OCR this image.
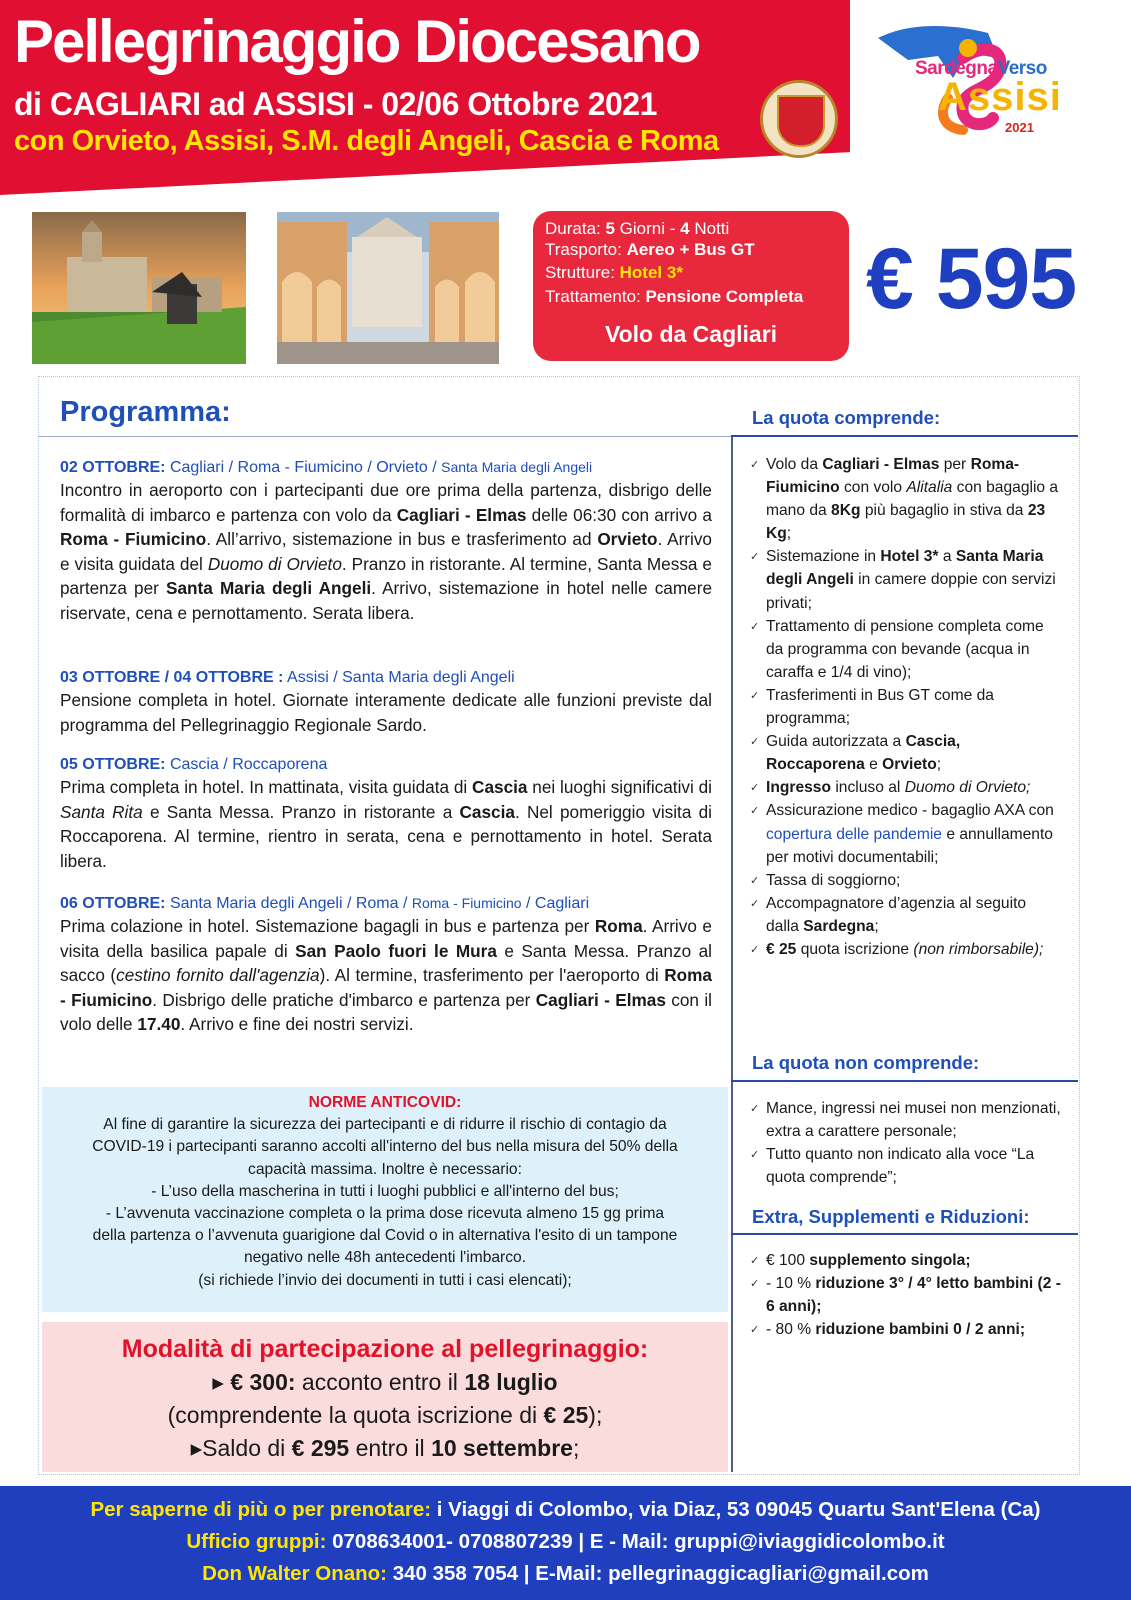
Pellegrinaggio Diocesano
di CAGLIARI ad ASSISI - 02/06 Ottobre 2021
con Orvieto, Assisi, S.M. degli Angeli, Cascia e Roma
SardegnaVerso
Assisi
2021
Durata: 5 Giorni - 4 Notti
Trasporto: Aereo + Bus GT
Strutture: Hotel 3*
Trattamento: Pensione Completa
Volo da Cagliari
€ 595
Programma:
02 OTTOBRE: Cagliari / Roma - Fiumicino / Orvieto / Santa Maria degli Angeli
Incontro in aeroporto con i partecipanti due ore prima della partenza, disbrigo delle formalità di imbarco e partenza con volo da Cagliari - Elmas delle 06:30 con arrivo a Roma - Fiumicino. All’arrivo, sistemazione in bus e trasferimento ad Orvieto. Arrivo e visita guidata del Duomo di Orvieto. Pranzo in ristorante. Al termine, Santa Messa e partenza per Santa Maria degli Angeli. Arrivo, sistemazione in hotel nelle camere riservate, cena e pernottamento. Serata libera.
03 OTTOBRE / 04 OTTOBRE : Assisi / Santa Maria degli Angeli
Pensione completa in hotel. Giornate interamente dedicate alle funzioni previste dal programma del Pellegrinaggio Regionale Sardo.
05 OTTOBRE: Cascia / Roccaporena
Prima completa in hotel. In mattinata, visita guidata di Cascia nei luoghi significativi di Santa Rita e Santa Messa. Pranzo in ristorante a Cascia. Nel pomeriggio visita di Roccaporena. Al termine, rientro in serata, cena e pernottamento in hotel. Serata libera.
06 OTTOBRE: Santa Maria degli Angeli / Roma / Roma - Fiumicino / Cagliari
Prima colazione in hotel. Sistemazione bagagli in bus e partenza per Roma. Arrivo e visita della basilica papale di San Paolo fuori le Mura e Santa Messa. Pranzo al sacco (cestino fornito dall'agenzia). Al termine, trasferimento per l'aeroporto di Roma - Fiumicino. Disbrigo delle pratiche d'imbarco e partenza per Cagliari - Elmas con il volo delle 17.40. Arrivo e fine dei nostri servizi.
NORME ANTICOVID:
Al fine di garantire la sicurezza dei partecipanti e di ridurre il rischio di contagio da
COVID-19 i partecipanti saranno accolti all'interno del bus nella misura del 50% della
capacità massima. Inoltre è necessario:
- L’uso della mascherina in tutti i luoghi pubblici e all'interno del bus;
- L’avvenuta vaccinazione completa o la prima dose ricevuta almeno 15 gg prima
della partenza o l’avvenuta guarigione dal Covid o in alternativa l'esito di un tampone
negativo nelle 48h antecedenti l'imbarco.
(si richiede l’invio dei documenti in tutti i casi elencati);
Modalità di partecipazione al pellegrinaggio:
▸ € 300: acconto entro il 18 luglio
(comprendente la quota iscrizione di € 25);
▸Saldo di € 295 entro il 10 settembre;
La quota comprende:
✓ Volo da Cagliari - Elmas per Roma-Fiumicino con volo Alitalia con bagaglio a mano da 8Kg più bagaglio in stiva da 23 Kg;
✓ Sistemazione in Hotel 3* a Santa Maria degli Angeli in camere doppie con servizi privati;
✓ Trattamento di pensione completa come da programma con bevande (acqua in caraffa e 1/4 di vino);
✓ Trasferimenti in Bus GT come da programma;
✓ Guida autorizzata a Cascia, Roccaporena e Orvieto;
✓ Ingresso incluso al Duomo di Orvieto;
✓ Assicurazione medico - bagaglio AXA con copertura delle pandemie e annullamento per motivi documentabili;
✓ Tassa di soggiorno;
✓ Accompagnatore d’agenzia al seguito dalla Sardegna;
✓ € 25 quota iscrizione (non rimborsabile);
La quota non comprende:
✓ Mance, ingressi nei musei non menzionati, extra a carattere personale;
✓ Tutto quanto non indicato alla voce “La quota comprende”;
Extra, Supplementi e Riduzioni:
✓ € 100 supplemento singola;
✓ - 10 % riduzione 3° / 4° letto bambini (2 - 6 anni);
✓ - 80 % riduzione bambini 0 / 2 anni;
Per saperne di più o per prenotare: i Viaggi di Colombo, via Diaz, 53 09045 Quartu Sant'Elena (Ca)
Ufficio gruppi: 0708634001- 0708807239 | E - Mail: gruppi@iviaggidicolombo.it
Don Walter Onano: 340 358 7054 | E-Mail: pellegrinaggicagliari@gmail.com
